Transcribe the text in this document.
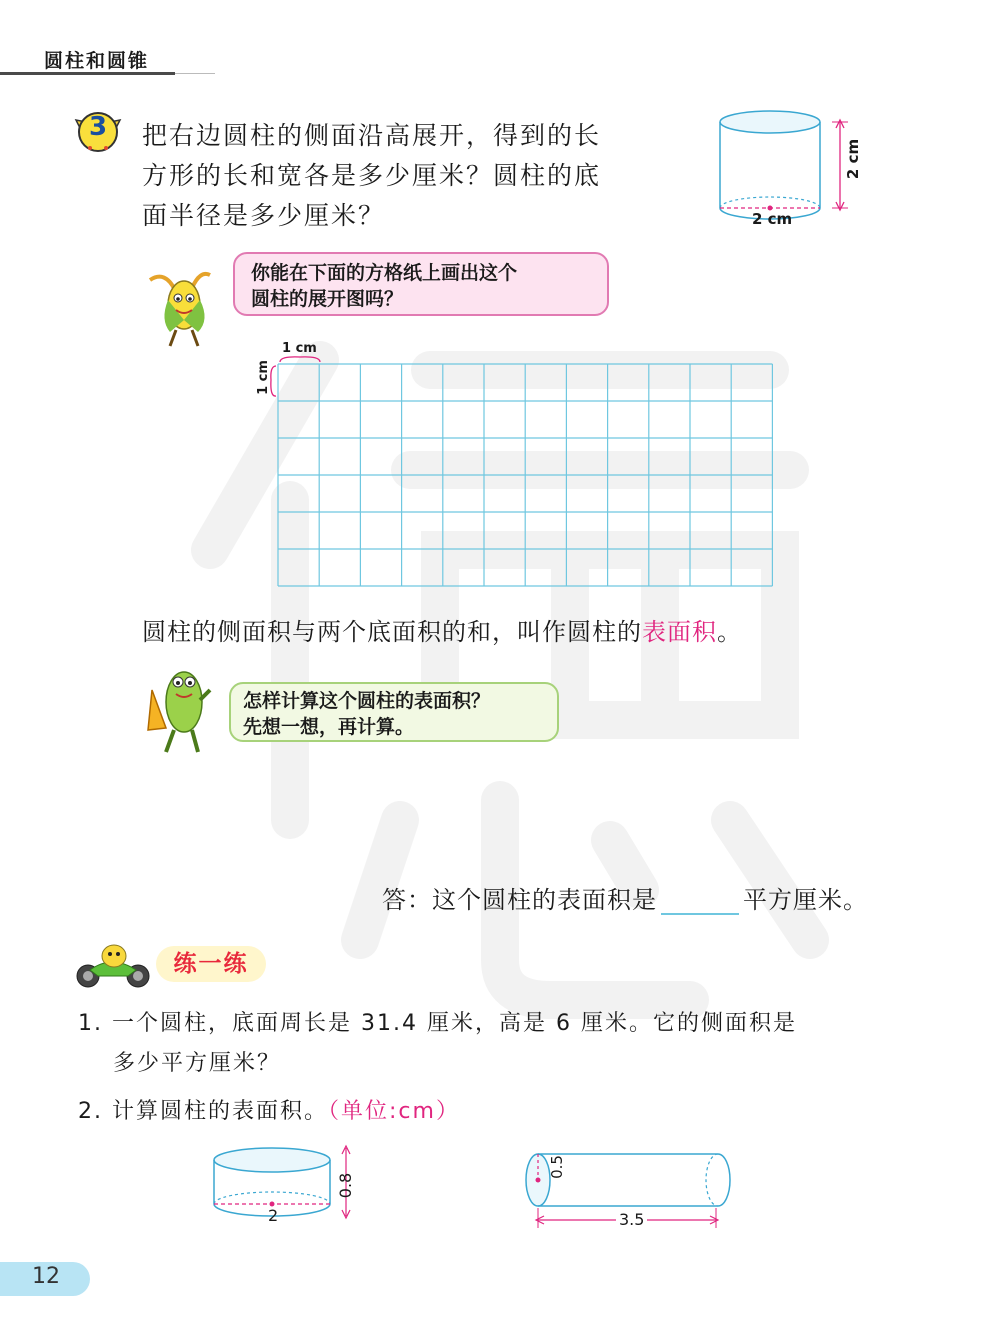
圆柱和圆锥
3	把右边圆柱的侧面沿高展开，得到的长
方形的长和宽各是多少厘米？圆柱的底
面半径是多少厘米？
2 cm
2 cm
你能在下面的方格纸上画出这个
圆柱的展开图吗？
1 cm
1 cm
圆柱的侧面积与两个底面积的和，叫作圆柱的表面积。
怎样计算这个圆柱的表面积？
先想一想，再计算。
答：这个圆柱的表面积是	平方厘米。
练一练
1. 一个圆柱，底面周长是 31.4 厘米，高是 6 厘米。它的侧面积是
多少平方厘米？
2. 计算圆柱的表面积。（单位:cm）
2
0.8
0.5
3.5
12
